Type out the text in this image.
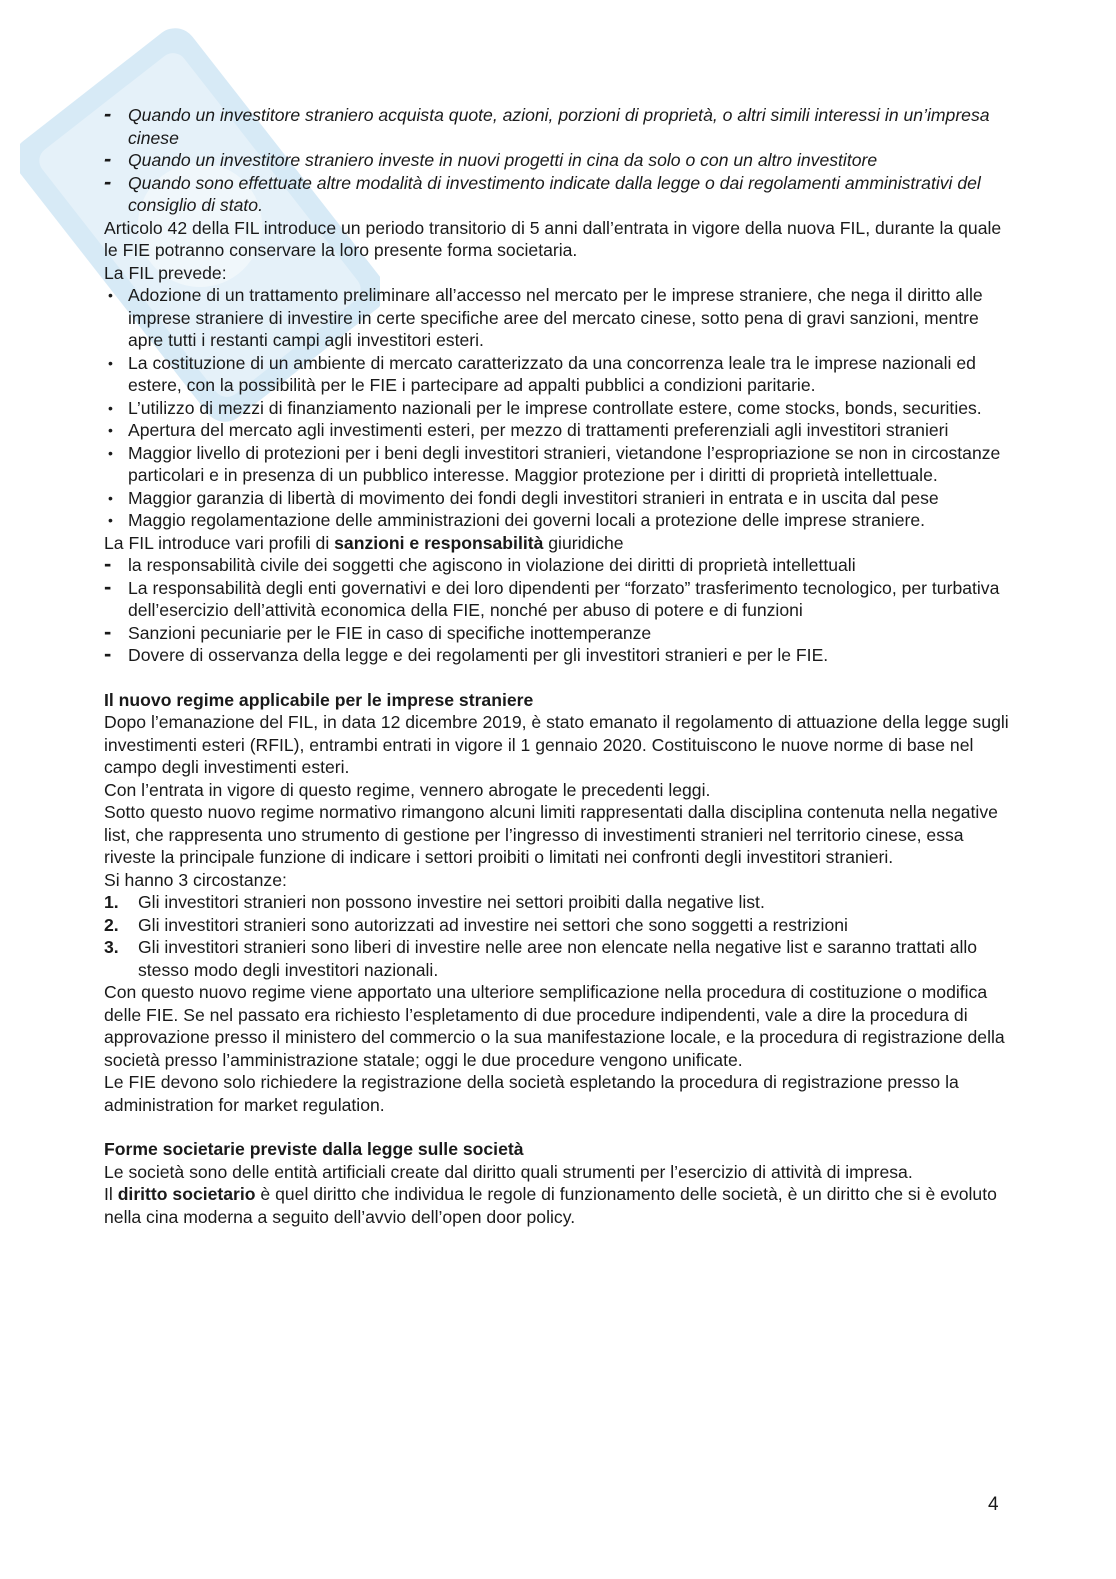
- Quando un investitore straniero acquista quote, azioni, porzioni di proprietà, o altri simili interessi in un’impresa cinese
- Quando un investitore straniero investe in nuovi progetti in cina da solo o con un altro investitore
- Quando sono effettuate altre modalità di investimento indicate dalla legge o dai regolamenti amministrativi del consiglio di stato.

Articolo 42 della FIL introduce un periodo transitorio di 5 anni dall’entrata in vigore della nuova FIL, durante la quale le FIE potranno conservare la loro presente forma societaria.

La FIL prevede:

• Adozione di un trattamento preliminare all’accesso nel mercato per le imprese straniere, che nega il diritto alle imprese straniere di investire in certe specifiche aree del mercato cinese, sotto pena di gravi sanzioni, mentre apre tutti i restanti campi agli investitori esteri.
• La costituzione di un ambiente di mercato caratterizzato da una concorrenza leale tra le imprese nazionali ed estere, con la possibilità per le FIE i partecipare ad appalti pubblici a condizioni paritarie.
• L’utilizzo di mezzi di finanziamento nazionali per le imprese controllate estere, come stocks, bonds, securities.
• Apertura del mercato agli investimenti esteri, per mezzo di trattamenti preferenziali agli investitori stranieri
• Maggior livello di protezioni per i beni degli investitori stranieri, vietandone l’espropriazione se non in circostanze particolari e in presenza di un pubblico interesse. Maggior protezione per i diritti di proprietà intellettuale.
• Maggior garanzia di libertà di movimento dei fondi degli investitori stranieri in entrata e in uscita dal pese
• Maggio regolamentazione delle amministrazioni dei governi locali a protezione delle imprese straniere.

La FIL introduce vari profili di sanzioni e responsabilità giuridiche

- la responsabilità civile dei soggetti che agiscono in violazione dei diritti di proprietà intellettuali
- La responsabilità degli enti governativi e dei loro dipendenti per “forzato” trasferimento tecnologico, per turbativa dell’esercizio dell’attività economica della FIE, nonché per abuso di potere e di funzioni
- Sanzioni pecuniarie per le FIE in caso di specifiche inottemperanze
- Dovere di osservanza della legge e dei regolamenti per gli investitori stranieri e per le FIE.

Il nuovo regime applicabile per le imprese straniere

Dopo l’emanazione del FIL, in data 12 dicembre 2019, è stato emanato il regolamento di attuazione della legge sugli investimenti esteri (RFIL), entrambi entrati in vigore il 1 gennaio 2020. Costituiscono le nuove norme di base nel campo degli investimenti esteri.

Con l’entrata in vigore di questo regime, vennero abrogate le precedenti leggi.

Sotto questo nuovo regime normativo rimangono alcuni limiti rappresentati dalla disciplina contenuta nella negative list, che rappresenta uno strumento di gestione per l’ingresso di investimenti stranieri nel territorio cinese, essa riveste la principale funzione di indicare i settori proibiti o limitati nei confronti degli investitori stranieri.

Si hanno 3 circostanze:

1. Gli investitori stranieri non possono investire nei settori proibiti dalla negative list.
2. Gli investitori stranieri sono autorizzati ad investire nei settori che sono soggetti a restrizioni
3. Gli investitori stranieri sono liberi di investire nelle aree non elencate nella negative list e saranno trattati allo stesso modo degli investitori nazionali.

Con questo nuovo regime viene apportato una ulteriore semplificazione nella procedura di costituzione o modifica delle FIE. Se nel passato era richiesto l’espletamento di due procedure indipendenti, vale a dire la procedura di approvazione presso il ministero del commercio o la sua manifestazione locale, e la procedura di registrazione della società presso l’amministrazione statale; oggi le due procedure vengono unificate.

Le FIE devono solo richiedere la registrazione della società espletando la procedura di registrazione presso la administration for market regulation.

Forme societarie previste dalla legge sulle società

Le società sono delle entità artificiali create dal diritto quali strumenti per l’esercizio di attività di impresa.

Il diritto societario è quel diritto che individua le regole di funzionamento delle società, è un diritto che si è evoluto nella cina moderna a seguito dell’avvio dell’open door policy.

4
